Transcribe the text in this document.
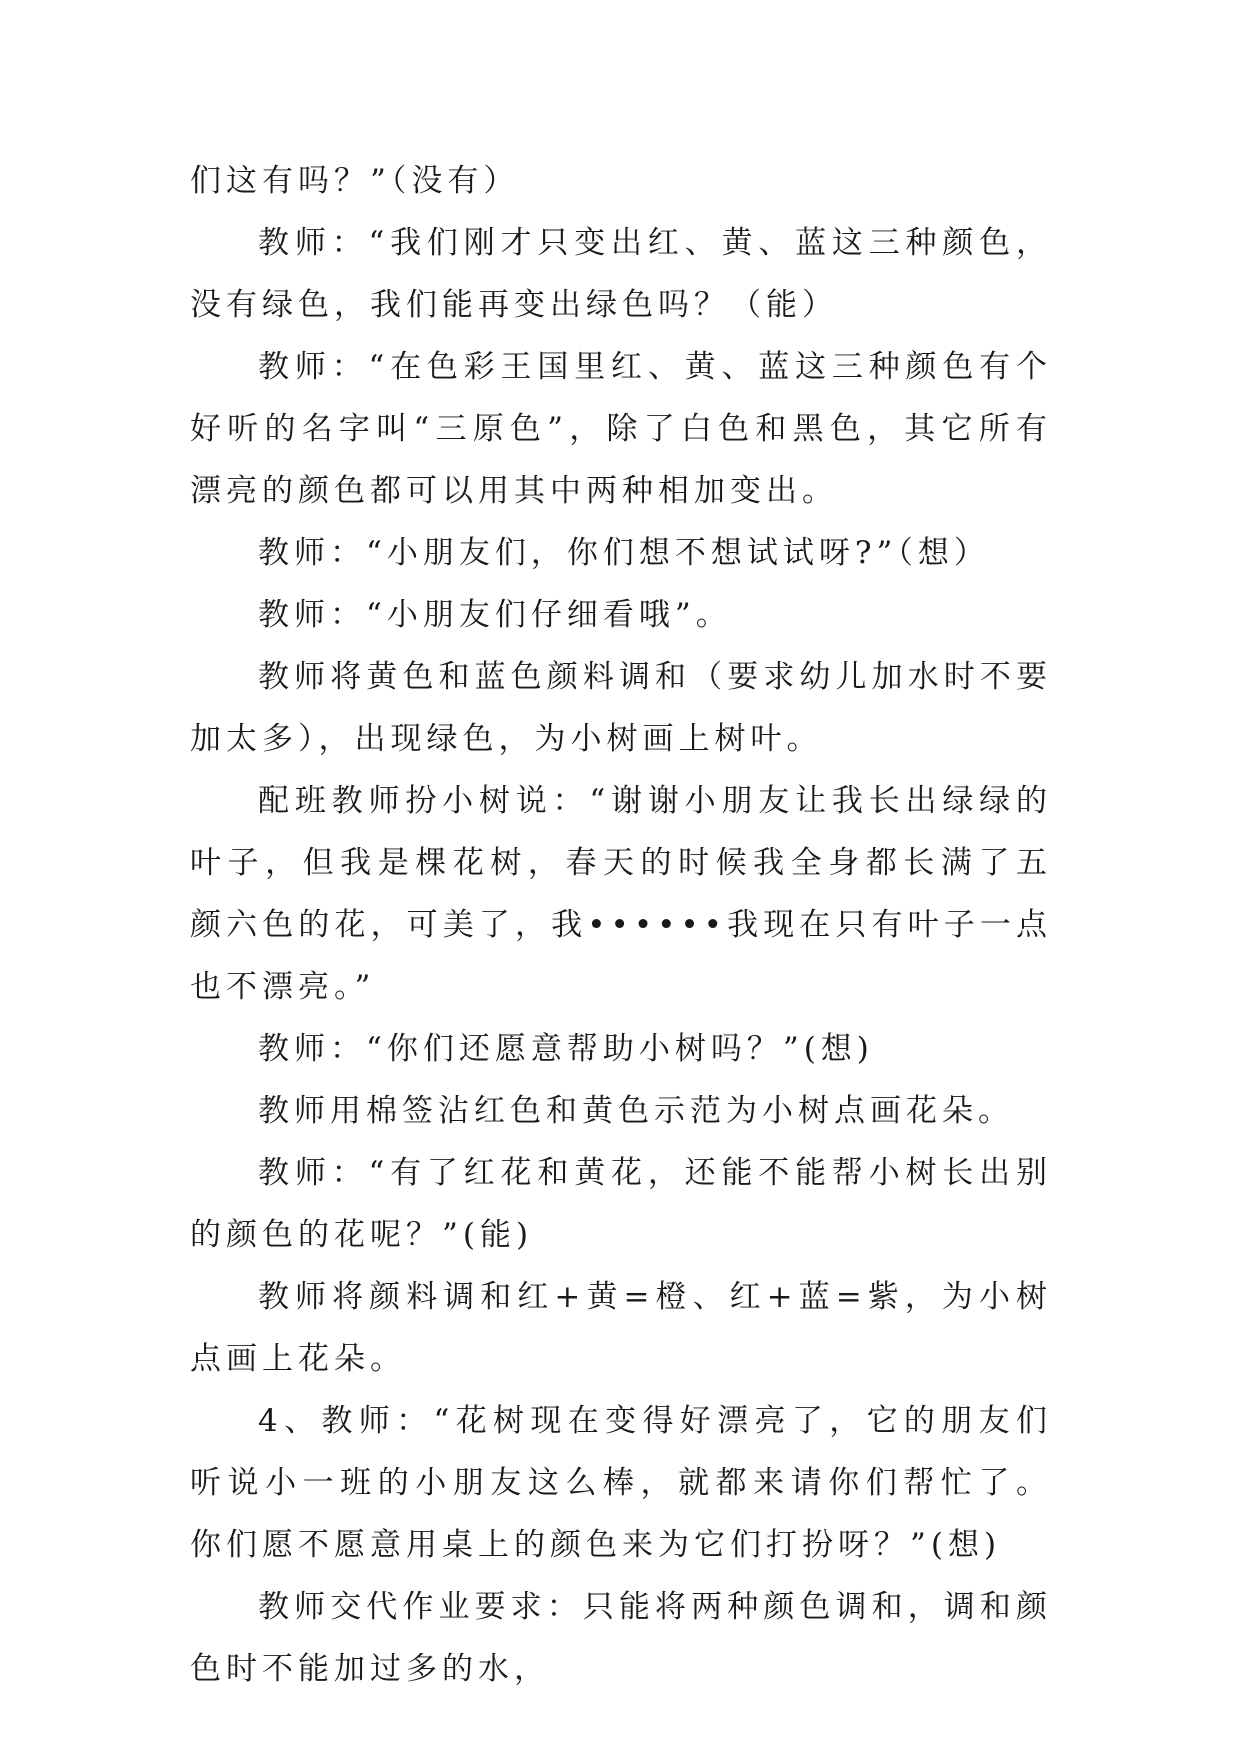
们这有吗？”（没有）

教师：“我们刚才只变出红、黄、蓝这三种颜色，没有绿色，我们能再变出绿色吗？（能）

教师：“在色彩王国里红、黄、蓝这三种颜色有个好听的名字叫“三原色”，除了白色和黑色，其它所有漂亮的颜色都可以用其中两种相加变出。

教师：“小朋友们，你们想不想试试呀?”（想）

教师：“小朋友们仔细看哦”。

教师将黄色和蓝色颜料调和（要求幼儿加水时不要加太多），出现绿色，为小树画上树叶。

配班教师扮小树说：“谢谢小朋友让我长出绿绿的叶子，但我是棵花树，春天的时候我全身都长满了五颜六色的花，可美了，我••••••我现在只有叶子一点也不漂亮。”

教师：“你们还愿意帮助小树吗？”(想)

教师用棉签沾红色和黄色示范为小树点画花朵。

教师：“有了红花和黄花，还能不能帮小树长出别的颜色的花呢？”(能)

教师将颜料调和红+黄=橙、红+蓝=紫，为小树点画上花朵。

4、教师：“花树现在变得好漂亮了，它的朋友们听说小一班的小朋友这么棒，就都来请你们帮忙了。你们愿不愿意用桌上的颜色来为它们打扮呀？”(想)

教师交代作业要求：只能将两种颜色调和，调和颜色时不能加过多的水，
